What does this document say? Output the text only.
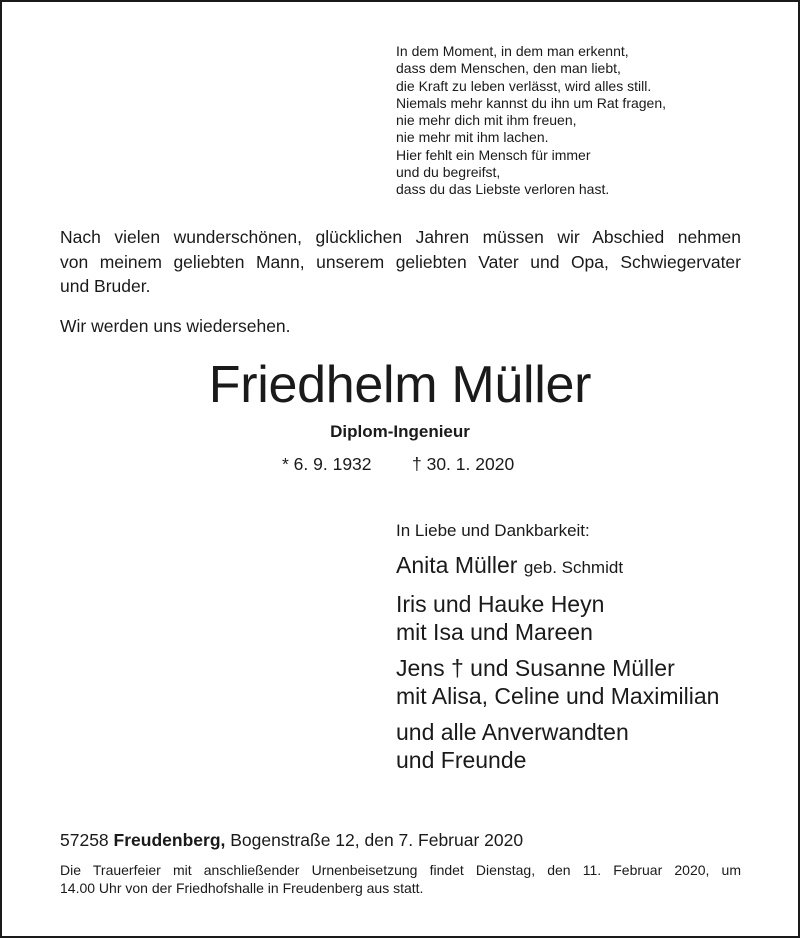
In dem Moment, in dem man erkennt,
dass dem Menschen, den man liebt,
die Kraft zu leben verlässt, wird alles still.
Niemals mehr kannst du ihn um Rat fragen,
nie mehr dich mit ihm freuen,
nie mehr mit ihm lachen.
Hier fehlt ein Mensch für immer
und du begreifst,
dass du das Liebste verloren hast.
Nach vielen wunderschönen, glücklichen Jahren müssen wir Abschied nehmen
von meinem geliebten Mann, unserem geliebten Vater und Opa, Schwiegervater
und Bruder.
Wir werden uns wiedersehen.
Friedhelm Müller
Diplom-Ingenieur
* 6. 9. 1932 † 30. 1. 2020
In Liebe und Dankbarkeit:
Anita Müller geb. Schmidt
Iris und Hauke Heyn
mit Isa und Mareen
Jens † und Susanne Müller
mit Alisa, Celine und Maximilian
und alle Anverwandten
und Freunde
57258 Freudenberg, Bogenstraße 12, den 7. Februar 2020
Die Trauerfeier mit anschließender Urnenbeisetzung findet Dienstag, den 11. Februar 2020, um
14.00 Uhr von der Friedhofshalle in Freudenberg aus statt.
